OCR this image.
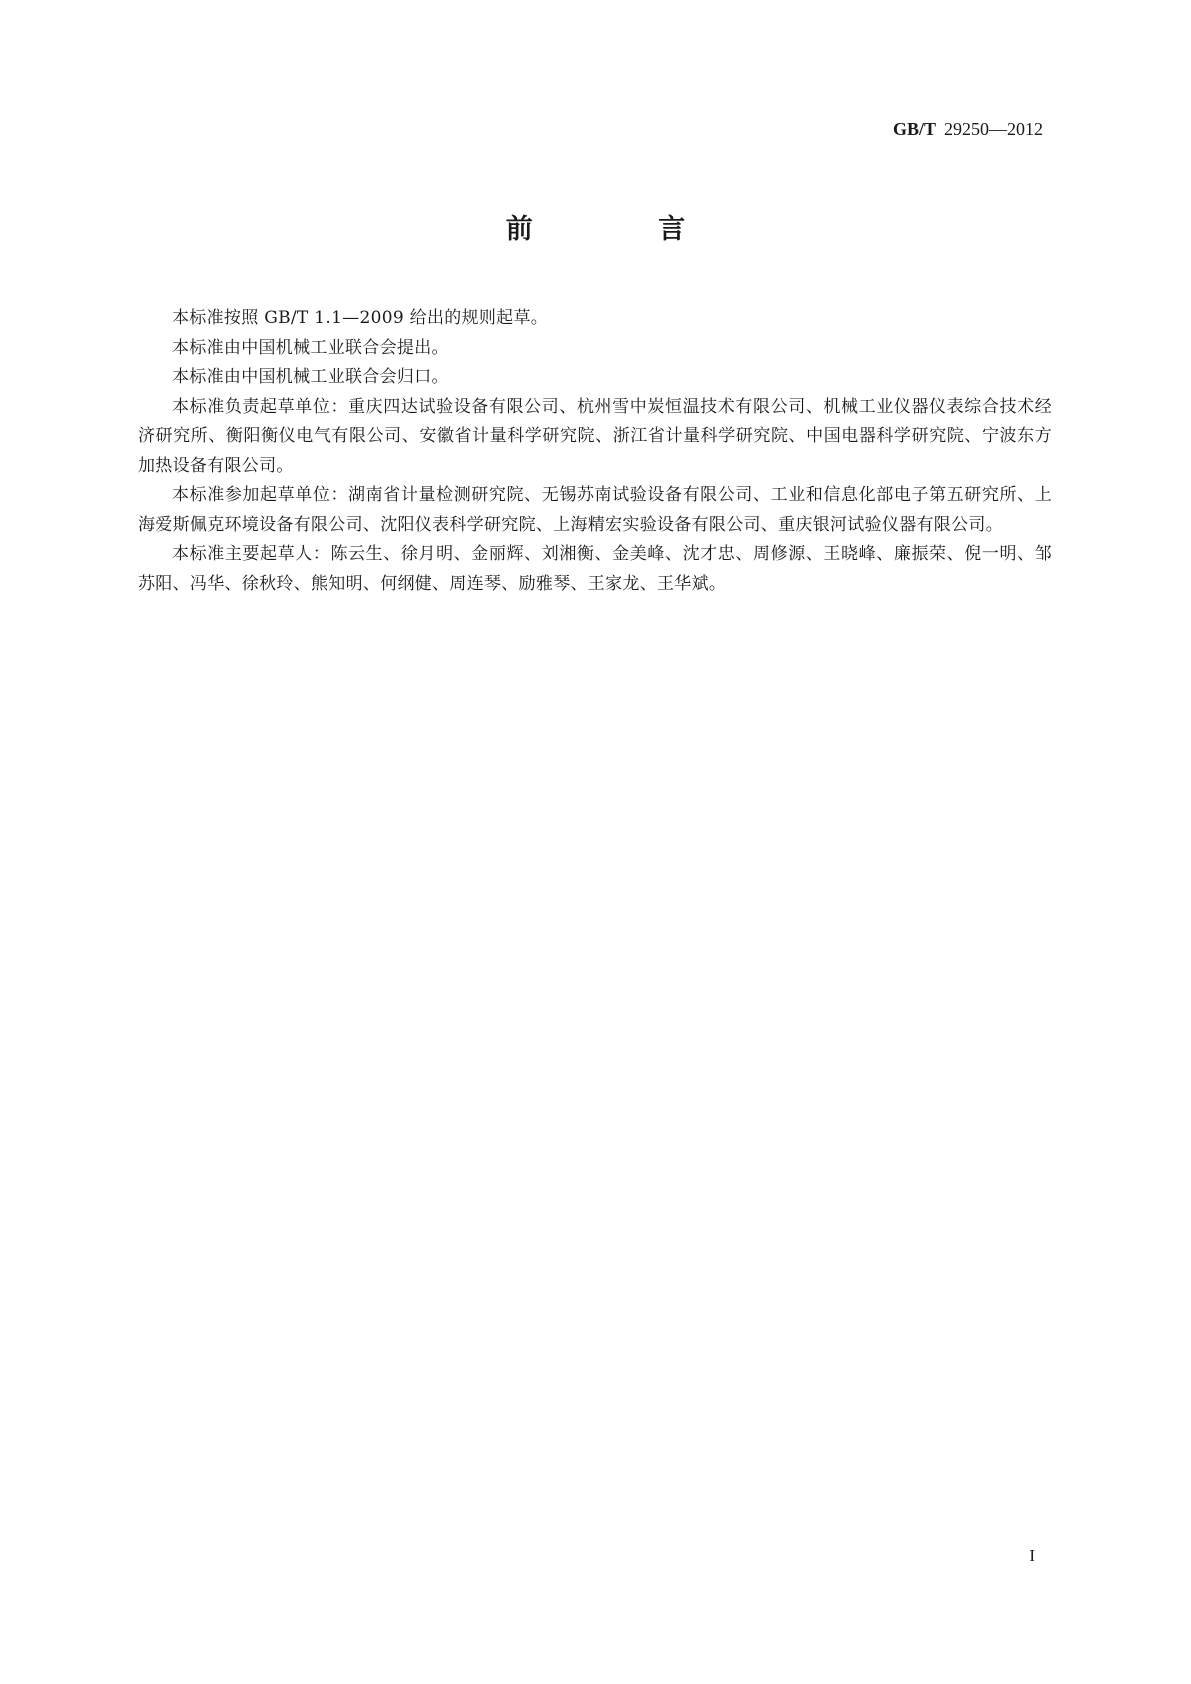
GB/T 29250—2012
前 言

本标准按照 GB/T 1.1—2009 给出的规则起草。

本标准由中国机械工业联合会提出。

本标准由中国机械工业联合会归口。

本标准负责起草单位：重庆四达试验设备有限公司、杭州雪中炭恒温技术有限公司、机械工业仪器仪表综合技术经济研究所、衡阳衡仪电气有限公司、安徽省计量科学研究院、浙江省计量科学研究院、中国电器科学研究院、宁波东方加热设备有限公司。

本标准参加起草单位：湖南省计量检测研究院、无锡苏南试验设备有限公司、工业和信息化部电子第五研究所、上海爱斯佩克环境设备有限公司、沈阳仪表科学研究院、上海精宏实验设备有限公司、重庆银河试验仪器有限公司。

本标准主要起草人：陈云生、徐月明、金丽辉、刘湘衡、金美峰、沈才忠、周修源、王晓峰、廉振荣、倪一明、邹苏阳、冯华、徐秋玲、熊知明、何纲健、周连琴、励雅琴、王家龙、王华斌。

I
